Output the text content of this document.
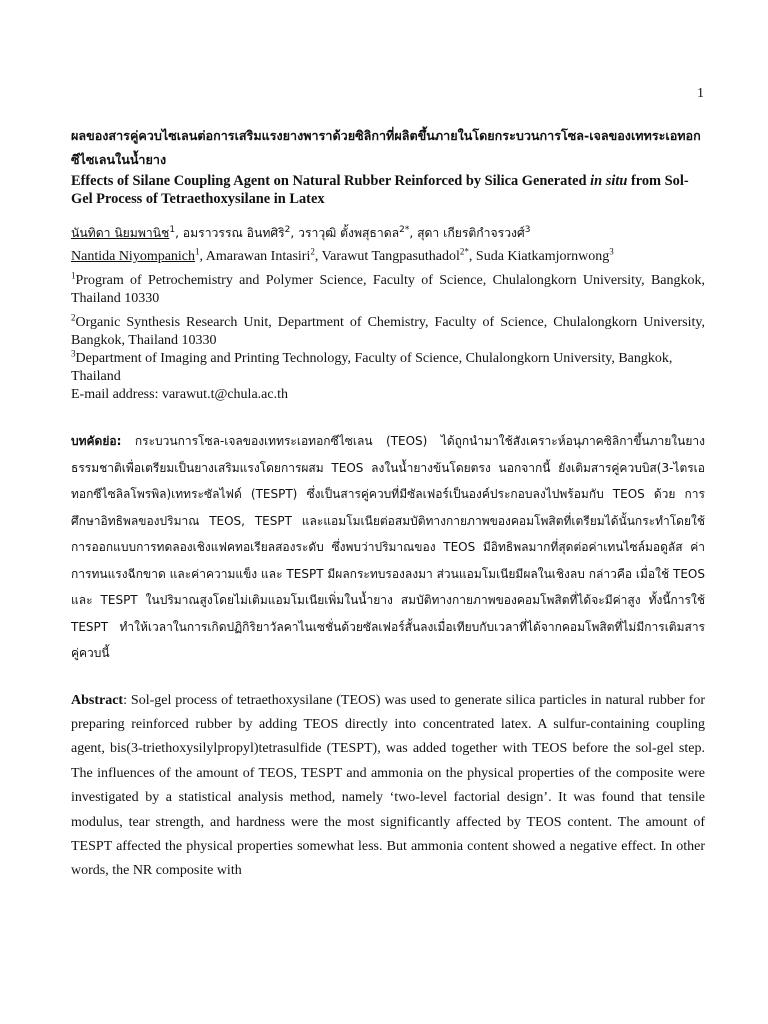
1

ผลของสารคู่ควบไซเลนต่อการเสริมแรงยางพาราด้วยซิลิกาที่ผลิตขึ้นภายในโดยกระบวนการโซล-เจลของเททระเอทอกซีไซเลนในน้ำยาง

Effects of Silane Coupling Agent on Natural Rubber Reinforced by Silica Generated in situ from Sol-Gel Process of Tetraethoxysilane in Latex

นันทิดา นิยมพานิช$^1$, อมราวรรณ อินทศิริ$^2$, วราวุฒิ ตั้งพสุธาดล$^{2*}$, สุดา เกียรติกำจรวงศ์$^3$
Nantida Niyompanich$^1$, Amarawan Intasiri$^2$, Varawut Tangpasuthadol$^{2*}$, Suda Kiatkamjornwong$^3$
$^1$Program of Petrochemistry and Polymer Science, Faculty of Science, Chulalongkorn University, Bangkok, Thailand 10330
$^2$Organic Synthesis Research Unit, Department of Chemistry, Faculty of Science, Chulalongkorn University, Bangkok, Thailand 10330
$^3$Department of Imaging and Printing Technology, Faculty of Science, Chulalongkorn University, Bangkok, Thailand
E-mail address: varawut.t@chula.ac.th
บทคัดย่อ: กระบวนการโซล-เจลของเททระเอทอกซีไซเลน (TEOS) ได้ถูกนำมาใช้สังเคราะห์อนุภาคซิลิกาขึ้นภายในยางธรรมชาติเพื่อเตรียมเป็นยางเสริมแรงโดยการผสม TEOS ลงในน้ำยางข้นโดยตรง นอกจากนี้ ยังเติมสารคู่ควบบิส(3-ไตรเอทอกซีไซลิลโพรพิล)เททระซัลไฟด์ (TESPT) ซึ่งเป็นสารคู่ควบที่มีซัลเฟอร์เป็นองค์ประกอบลงไปพร้อมกับ TEOS ด้วย การศึกษาอิทธิพลของปริมาณ TEOS, TESPT และแอมโมเนียต่อสมบัติทางกายภาพของคอมโพสิตที่เตรียมได้นั้นกระทำโดยใช้การออกแบบการทดลองเชิงแฟคทอเรียลสองระดับ ซึ่งพบว่าปริมาณของ TEOS มีอิทธิพลมากที่สุดต่อค่าเทนไซล์มอดูลัส ค่าการทนแรงฉีกขาด และค่าความแข็ง และ TESPT มีผลกระทบรองลงมา ส่วนแอมโมเนียมีผลในเชิงลบ กล่าวคือ เมื่อใช้ TEOS และ TESPT ในปริมาณสูงโดยไม่เติมแอมโมเนียเพิ่มในน้ำยาง สมบัติทางกายภาพของคอมโพสิตที่ได้จะมีค่าสูง ทั้งนี้การใช้ TESPT ทำให้เวลาในการเกิดปฏิกิริยาวัลคาไนเซชั่นด้วยซัลเฟอร์สั้นลงเมื่อเทียบกับเวลาที่ได้จากคอมโพสิตที่ไม่มีการเติมสารคู่ควบนี้
Abstract: Sol-gel process of tetraethoxysilane (TEOS) was used to generate silica particles in natural rubber for preparing reinforced rubber by adding TEOS directly into concentrated latex. A sulfur-containing coupling agent, bis(3-triethoxysilylpropyl)tetrasulfide (TESPT), was added together with TEOS before the sol-gel step. The influences of the amount of TEOS, TESPT and ammonia on the physical properties of the composite were investigated by a statistical analysis method, namely ‘two-level factorial design’. It was found that tensile modulus, tear strength, and hardness were the most significantly affected by TEOS content. The amount of TESPT affected the physical properties somewhat less. But ammonia content showed a negative effect. In other words, the NR composite with
